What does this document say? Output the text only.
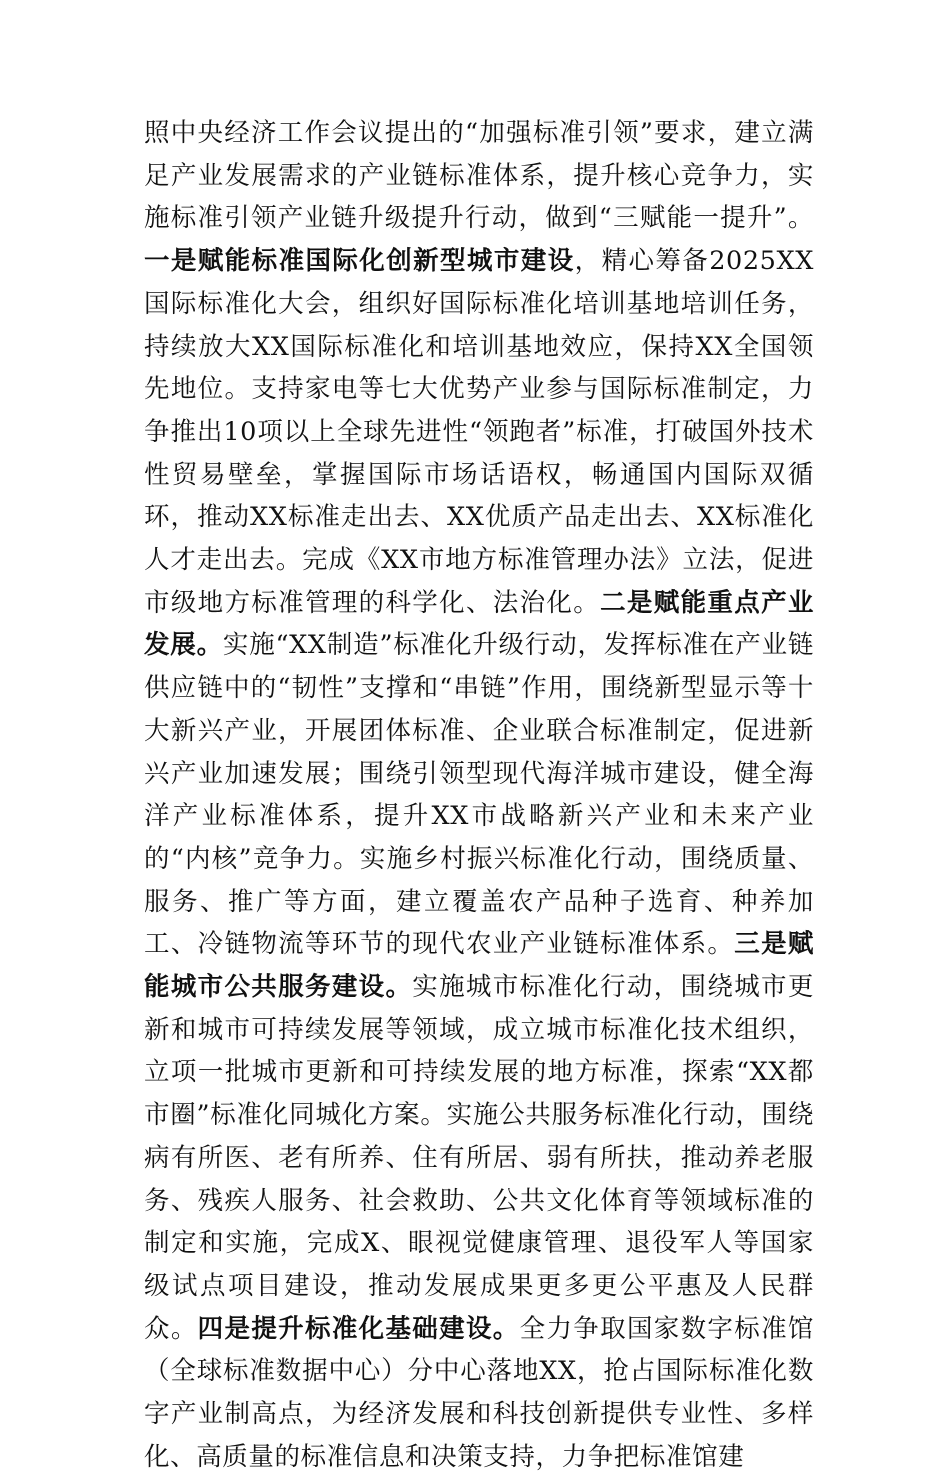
照中央经济工作会议提出的“加强标准引领”要求，建立满足产业发展需求的产业链标准体系，提升核心竞争力，实施标准引领产业链升级提升行动，做到“三赋能一提升”。一是赋能标准国际化创新型城市建设，精心筹备2025XX国际标准化大会，组织好国际标准化培训基地培训任务，持续放大XX国际标准化和培训基地效应，保持XX全国领先地位。支持家电等七大优势产业参与国际标准制定，力争推出10项以上全球先进性“领跑者”标准，打破国外技术性贸易壁垒，掌握国际市场话语权，畅通国内国际双循环，推动XX标准走出去、XX优质产品走出去、XX标准化人才走出去。完成《XX市地方标准管理办法》立法，促进市级地方标准管理的科学化、法治化。二是赋能重点产业发展。实施“XX制造”标准化升级行动，发挥标准在产业链供应链中的“韧性”支撑和“串链”作用，围绕新型显示等十大新兴产业，开展团体标准、企业联合标准制定，促进新兴产业加速发展；围绕引领型现代海洋城市建设，健全海洋产业标准体系，提升XX市战略新兴产业和未来产业的“内核”竞争力。实施乡村振兴标准化行动，围绕质量、服务、推广等方面，建立覆盖农产品种子选育、种养加工、冷链物流等环节的现代农业产业链标准体系。三是赋能城市公共服务建设。实施城市标准化行动，围绕城市更新和城市可持续发展等领域，成立城市标准化技术组织，立项一批城市更新和可持续发展的地方标准，探索“XX都市圈”标准化同城化方案。实施公共服务标准化行动，围绕病有所医、老有所养、住有所居、弱有所扶，推动养老服务、残疾人服务、社会救助、公共文化体育等领域标准的制定和实施，完成X、眼视觉健康管理、退役军人等国家级试点项目建设，推动发展成果更多更公平惠及人民群众。四是提升标准化基础建设。全力争取国家数字标准馆（全球标准数据中心）分中心落地XX，抢占国际标准化数字产业制高点，为经济发展和科技创新提供专业性、多样化、高质量的标准信息和决策支持，力争把标准馆建
